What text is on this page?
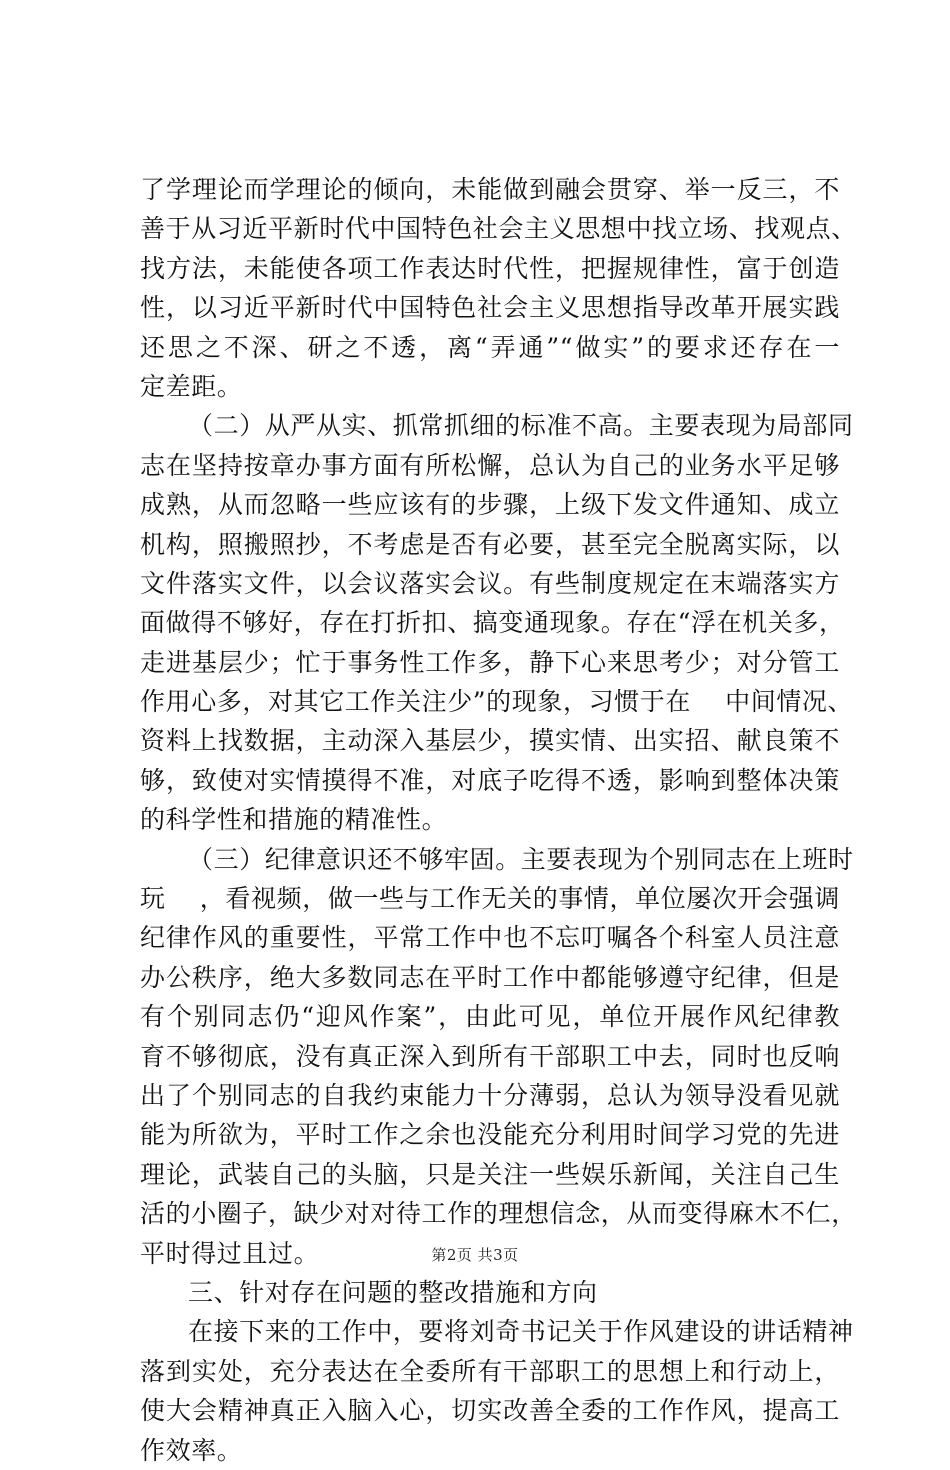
了学理论而学理论的倾向，未能做到融会贯穿、举一反三，不
善于从习近平新时代中国特色社会主义思想中找立场、找观点、
找方法，未能使各项工作表达时代性，把握规律性，富于创造
性，以习近平新时代中国特色社会主义思想指导改革开展实践
还思之不深、研之不透，离“弄通”“做实”的要求还存在一
定差距。
（二）从严从实、抓常抓细的标准不高。主要表现为局部同
志在坚持按章办事方面有所松懈，总认为自己的业务水平足够
成熟，从而忽略一些应该有的步骤，上级下发文件通知、成立
机构，照搬照抄，不考虑是否有必要，甚至完全脱离实际，以
文件落实文件，以会议落实会议。有些制度规定在末端落实方
面做得不够好，存在打折扣、搞变通现象。存在“浮在机关多，
走进基层少；忙于事务性工作多，静下心来思考少；对分管工
作用心多，对其它工作关注少”的现象，习惯于在　 中间情况、
资料上找数据，主动深入基层少，摸实情、出实招、献良策不
够，致使对实情摸得不准，对底子吃得不透，影响到整体决策
的科学性和措施的精准性。
（三）纪律意识还不够牢固。主要表现为个别同志在上班时
玩　 ，看视频，做一些与工作无关的事情，单位屡次开会强调
纪律作风的重要性，平常工作中也不忘叮嘱各个科室人员注意
办公秩序，绝大多数同志在平时工作中都能够遵守纪律，但是
有个别同志仍“迎风作案”，由此可见，单位开展作风纪律教
育不够彻底，没有真正深入到所有干部职工中去，同时也反响
出了个别同志的自我约束能力十分薄弱，总认为领导没看见就
能为所欲为，平时工作之余也没能充分利用时间学习党的先进
理论，武装自己的头脑，只是关注一些娱乐新闻，关注自己生
活的小圈子，缺少对对待工作的理想信念，从而变得麻木不仁，
平时得过且过。
三、针对存在问题的整改措施和方向
在接下来的工作中，要将刘奇书记关于作风建设的讲话精神
落到实处，充分表达在全委所有干部职工的思想上和行动上，
使大会精神真正入脑入心，切实改善全委的工作作风，提高工
作效率。
第2页 共3页
